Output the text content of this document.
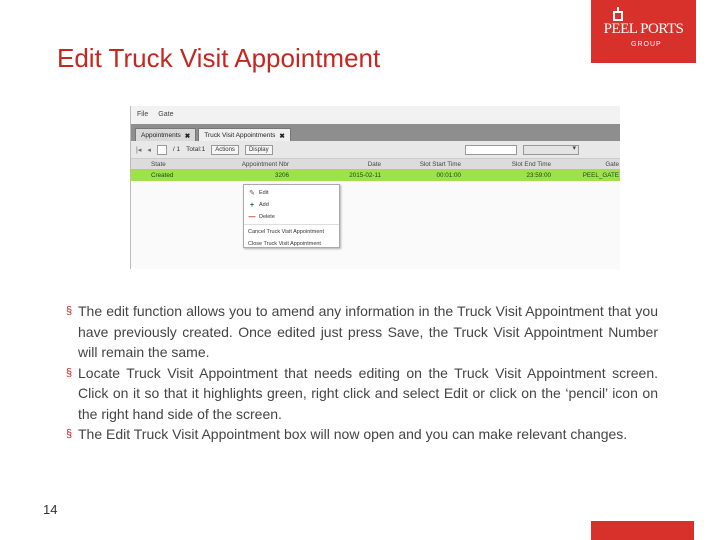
Edit Truck Visit Appointment
PEEL PORTS
GROUP
File Gate
Appointments ✖ Truck Visit Appointments ✖
|◂ ◂	/ 1 Total:1	Actions	Display
▾
State	Appointment Nbr	Date	Slot Start Time	Slot End Time	Gate
Created	3206	2015-02-11	00:01:00	23:59:00	PEEL_GATE
✎ Edit
+ Add
— Delete
Cancel Truck Visit Appointment
Close Truck Visit Appointment

§ The edit function allows you to amend any information in the Truck Visit Appointment that you have previously created. Once edited just press Save, the Truck Visit Appointment Number will remain the same.

§ Locate Truck Visit Appointment that needs editing on the Truck Visit Appointment screen. Click on it so that it highlights green, right click and select Edit or click on the ‘pencil’ icon on the right hand side of the screen.

§ The Edit Truck Visit Appointment box will now open and you can make relevant changes.

14
